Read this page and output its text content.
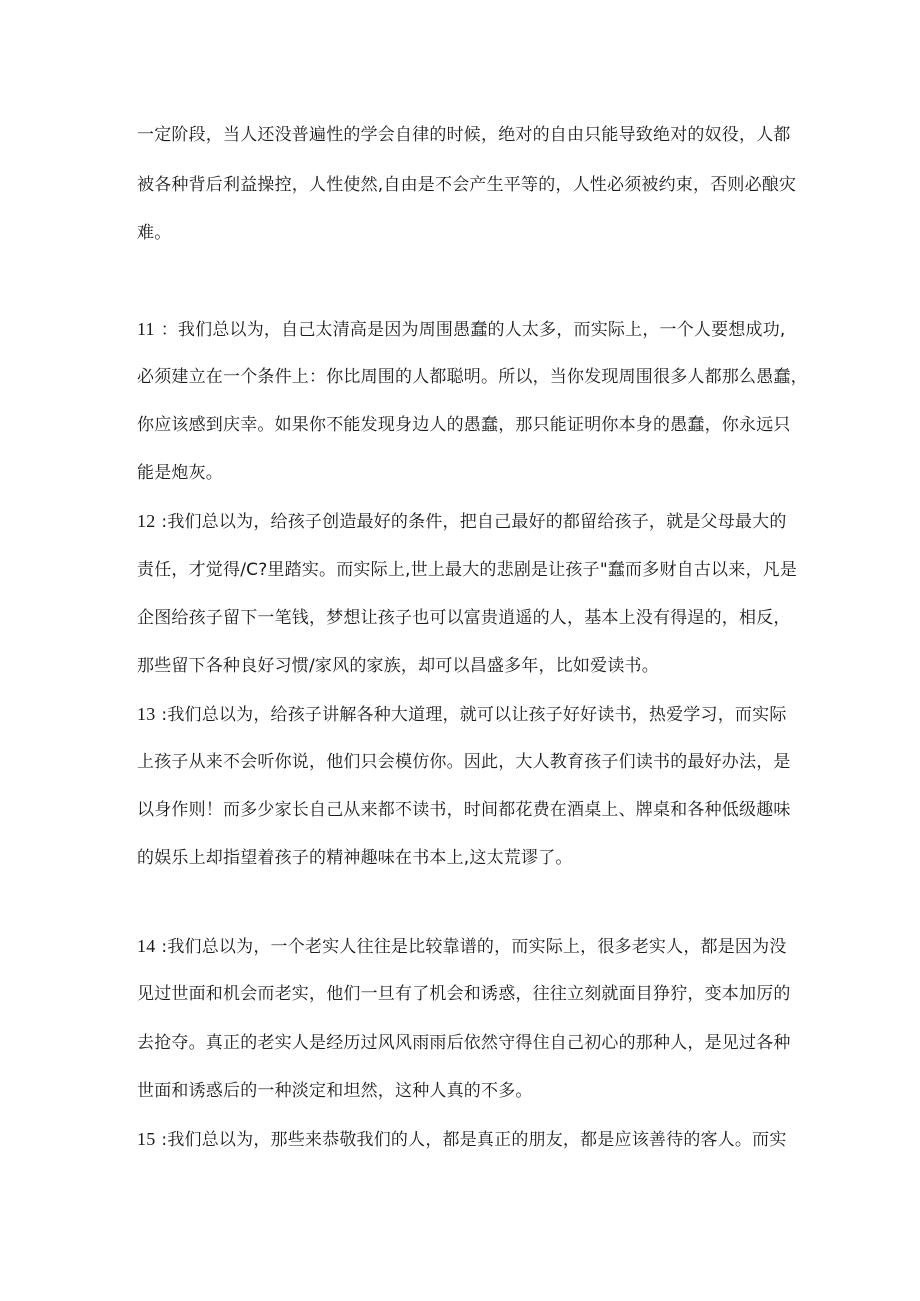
一定阶段，当人还没普遍性的学会自律的时候，绝对的自由只能导致绝对的奴役，人都
被各种背后利益操控，人性使然,自由是不会产生平等的，人性必须被约束，否则必酿灾
难。
11 ：我们总以为，自己太清高是因为周围愚蠢的人太多，而实际上，一个人要想成功,
必须建立在一个条件上：你比周围的人都聪明。所以，当你发现周围很多人都那么愚蠢，
你应该感到庆幸。如果你不能发现身边人的愚蠢，那只能证明你本身的愚蠢，你永远只
能是炮灰。
12 :我们总以为，给孩子创造最好的条件，把自己最好的都留给孩子，就是父母最大的
责任，才觉得/C?里踏实。而实际上,世上最大的悲剧是让孩子"蠢而多财自古以来，凡是
企图给孩子留下一笔钱，梦想让孩子也可以富贵逍遥的人，基本上没有得逞的，相反，
那些留下各种良好习惯/家风的家族，却可以昌盛多年，比如爱读书。
13 :我们总以为，给孩子讲解各种大道理，就可以让孩子好好读书，热爱学习，而实际
上孩子从来不会听你说，他们只会模仿你。因此，大人教育孩子们读书的最好办法，是
以身作则！而多少家长自己从来都不读书，时间都花费在酒桌上、牌桌和各种低级趣味
的娱乐上却指望着孩子的精神趣味在书本上,这太荒谬了。
14 :我们总以为，一个老实人往往是比较靠谱的，而实际上，很多老实人，都是因为没
见过世面和机会而老实，他们一旦有了机会和诱惑，往往立刻就面目狰狞，变本加厉的
去抢夺。真正的老实人是经历过风风雨雨后依然守得住自己初心的那种人，是见过各种
世面和诱惑后的一种淡定和坦然，这种人真的不多。
15 :我们总以为，那些来恭敬我们的人，都是真正的朋友，都是应该善待的客人。而实
